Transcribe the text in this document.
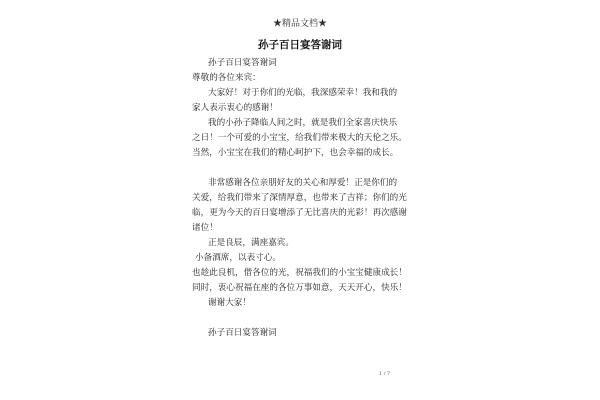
★精品文档★
孙子百日宴答谢词
孙子百日宴答谢词
尊敬的各位来宾：
大家好！对于你们的光临，我深感荣幸！我和我的
家人表示衷心的感谢！
我的小孙子降临人间之时，就是我们全家喜庆快乐
之日！一个可爱的小宝宝，给我们带来极大的天伦之乐。
当然，小宝宝在我们的精心呵护下，也会幸福的成长。
非常感谢各位亲朋好友的关心和厚爱！正是你们的
关爱，给我们带来了深情厚意，也带来了吉祥；你们的光
临，更为今天的百日宴增添了无比喜庆的光彩！再次感谢
诸位！
正是良辰，满座嘉宾。
小备酒席，以表寸心。
也趁此良机，借各位的光，祝福我们的小宝宝健康成长！
同时，衷心祝福在座的各位万事如意，天天开心，快乐！
谢谢大家！
孙子百日宴答谢词
1 / 7
